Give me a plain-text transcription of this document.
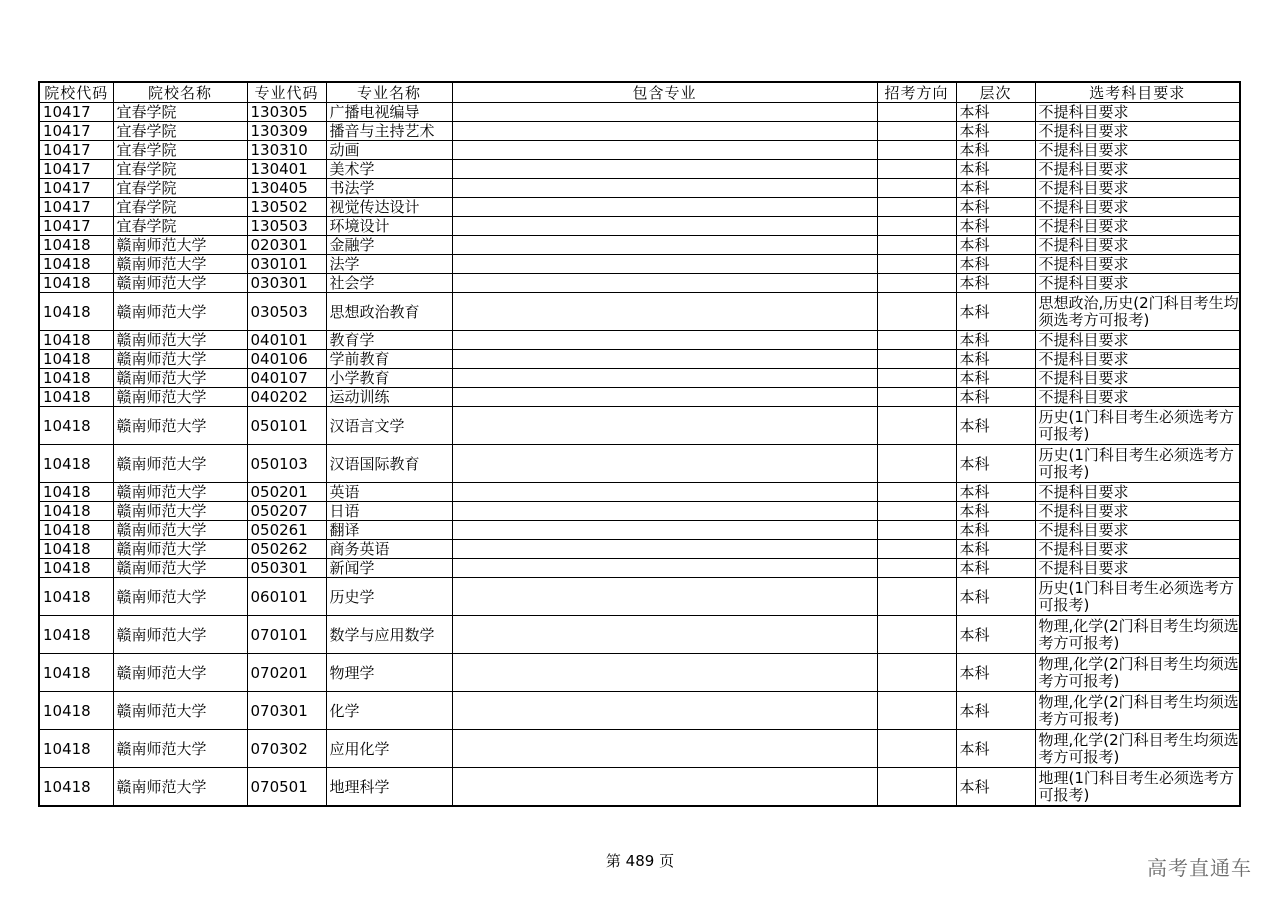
院校代码	院校名称	专业代码	专业名称	包含专业	招考方向	层次	选考科目要求
10417	宜春学院	130305	广播电视编导			本科	不提科目要求
10417	宜春学院	130309	播音与主持艺术			本科	不提科目要求
10417	宜春学院	130310	动画			本科	不提科目要求
10417	宜春学院	130401	美术学			本科	不提科目要求
10417	宜春学院	130405	书法学			本科	不提科目要求
10417	宜春学院	130502	视觉传达设计			本科	不提科目要求
10417	宜春学院	130503	环境设计			本科	不提科目要求
10418	赣南师范大学	020301	金融学			本科	不提科目要求
10418	赣南师范大学	030101	法学			本科	不提科目要求
10418	赣南师范大学	030301	社会学			本科	不提科目要求
10418	赣南师范大学	030503	思想政治教育			本科	思想政治,历史(2门科目考生均须选考方可报考)
10418	赣南师范大学	040101	教育学			本科	不提科目要求
10418	赣南师范大学	040106	学前教育			本科	不提科目要求
10418	赣南师范大学	040107	小学教育			本科	不提科目要求
10418	赣南师范大学	040202	运动训练			本科	不提科目要求
10418	赣南师范大学	050101	汉语言文学			本科	历史(1门科目考生必须选考方可报考)
10418	赣南师范大学	050103	汉语国际教育			本科	历史(1门科目考生必须选考方可报考)
10418	赣南师范大学	050201	英语			本科	不提科目要求
10418	赣南师范大学	050207	日语			本科	不提科目要求
10418	赣南师范大学	050261	翻译			本科	不提科目要求
10418	赣南师范大学	050262	商务英语			本科	不提科目要求
10418	赣南师范大学	050301	新闻学			本科	不提科目要求
10418	赣南师范大学	060101	历史学			本科	历史(1门科目考生必须选考方可报考)
10418	赣南师范大学	070101	数学与应用数学			本科	物理,化学(2门科目考生均须选考方可报考)
10418	赣南师范大学	070201	物理学			本科	物理,化学(2门科目考生均须选考方可报考)
10418	赣南师范大学	070301	化学			本科	物理,化学(2门科目考生均须选考方可报考)
10418	赣南师范大学	070302	应用化学			本科	物理,化学(2门科目考生均须选考方可报考)
10418	赣南师范大学	070501	地理科学			本科	地理(1门科目考生必须选考方可报考)
第 489 页	高考直通车
